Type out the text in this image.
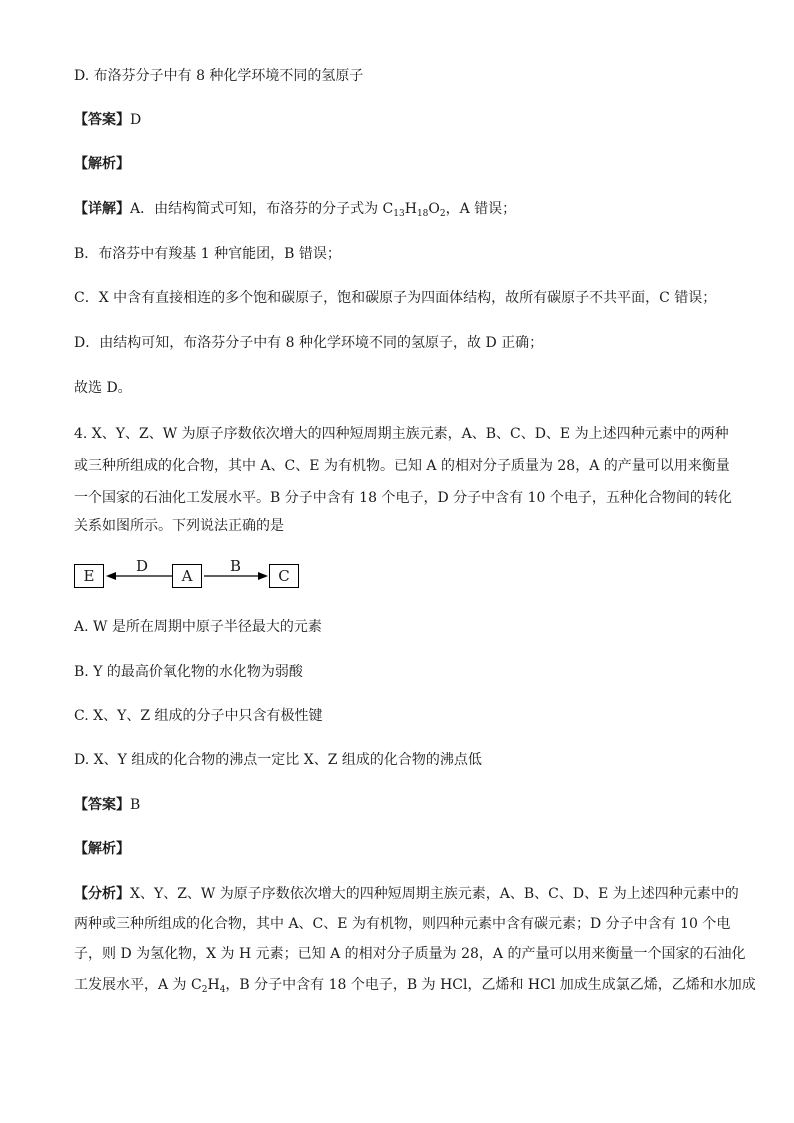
D. 布洛芬分子中有 8 种化学环境不同的氢原子
【答案】D
【解析】
【详解】A．由结构简式可知，布洛芬的分子式为 $C_{13}H_{18}O_2$，A 错误；
B．布洛芬中有羧基 1 种官能团，B 错误；
C．X 中含有直接相连的多个饱和碳原子，饱和碳原子为四面体结构，故所有碳原子不共平面，C 错误；
D．由结构可知，布洛芬分子中有 8 种化学环境不同的氢原子，故 D 正确；
故选 D。
4. X、Y、Z、W 为原子序数依次增大的四种短周期主族元素，A、B、C、D、E 为上述四种元素中的两种
或三种所组成的化合物，其中 A、C、E 为有机物。已知 A 的相对分子质量为 28，A 的产量可以用来衡量
一个国家的石油化工发展水平。B 分子中含有 18 个电子，D 分子中含有 10 个电子，五种化合物间的转化
关系如图所示。下列说法正确的是
E	A	C
D	B
A. W 是所在周期中原子半径最大的元素
B. Y 的最高价氧化物的水化物为弱酸
C. X、Y、Z 组成的分子中只含有极性键
D. X、Y 组成的化合物的沸点一定比 X、Z 组成的化合物的沸点低
【答案】B
【解析】
【分析】X、Y、Z、W 为原子序数依次增大的四种短周期主族元素，A、B、C、D、E 为上述四种元素中的
两种或三种所组成的化合物，其中 A、C、E 为有机物，则四种元素中含有碳元素；D 分子中含有 10 个电
子，则 D 为氢化物，X 为 H 元素；已知 A 的相对分子质量为 28，A 的产量可以用来衡量一个国家的石油化
工发展水平，A 为 $C_2H_4$，B 分子中含有 18 个电子，B 为 HCl，乙烯和 HCl 加成生成氯乙烯，乙烯和水加成
